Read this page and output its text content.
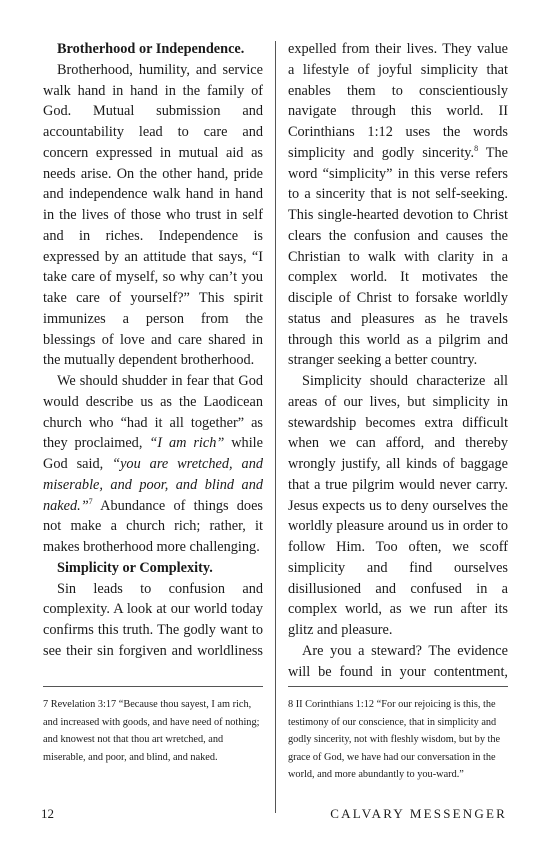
Brotherhood or Independence.

Brotherhood, humility, and service walk hand in hand in the family of God. Mutual submission and accountability lead to care and concern expressed in mutual aid as needs arise. On the other hand, pride and independence walk hand in hand in the lives of those who trust in self and in riches. Independence is expressed by an attitude that says, “I take care of myself, so why can’t you take care of yourself?” This spirit immunizes a person from the blessings of love and care shared in the mutually dependent brotherhood.

We should shudder in fear that God would describe us as the Laodicean church who “had it all together” as they proclaimed, “I am rich” while God said, “you are wretched, and miserable, and poor, and blind and naked.”$^7$ Abundance of things does not make a church rich; rather, it makes brotherhood more challenging.

Simplicity or Complexity.

Sin leads to confusion and complexity. A look at our world today confirms this truth. The godly want to see their sin forgiven and worldliness

expelled from their lives. They value a lifestyle of joyful simplicity that enables them to conscientiously navigate through this world. II Corinthians 1:12 uses the words simplicity and godly sincerity.$^8$ The word “simplicity” in this verse refers to a sincerity that is not self-seeking. This single-hearted devotion to Christ clears the confusion and causes the Christian to walk with clarity in a complex world. It motivates the disciple of Christ to forsake worldly status and pleasures as he travels through this world as a pilgrim and stranger seeking a better country.

Simplicity should characterize all areas of our lives, but simplicity in stewardship becomes extra difficult when we can afford, and thereby wrongly justify, all kinds of baggage that a true pilgrim would never carry. Jesus expects us to deny ourselves the worldly pleasure around us in order to follow Him. Too often, we scoff simplicity and find ourselves disillusioned and confused in a complex world, as we run after its glitz and pleasure.

Are you a steward? The evidence will be found in your contentment,

7 Revelation 3:17 “Because thou sayest, I am rich, and increased with goods, and have need of nothing; and knowest not that thou art wretched, and miserable, and poor, and blind, and naked.
8 II Corinthians 1:12 “For our rejoicing is this, the testimony of our conscience, that in simplicity and godly sincerity, not with fleshly wisdom, but by the grace of God, we have had our conversation in the world, and more abundantly to you-ward.”
12	CALVARY MESSENGER
